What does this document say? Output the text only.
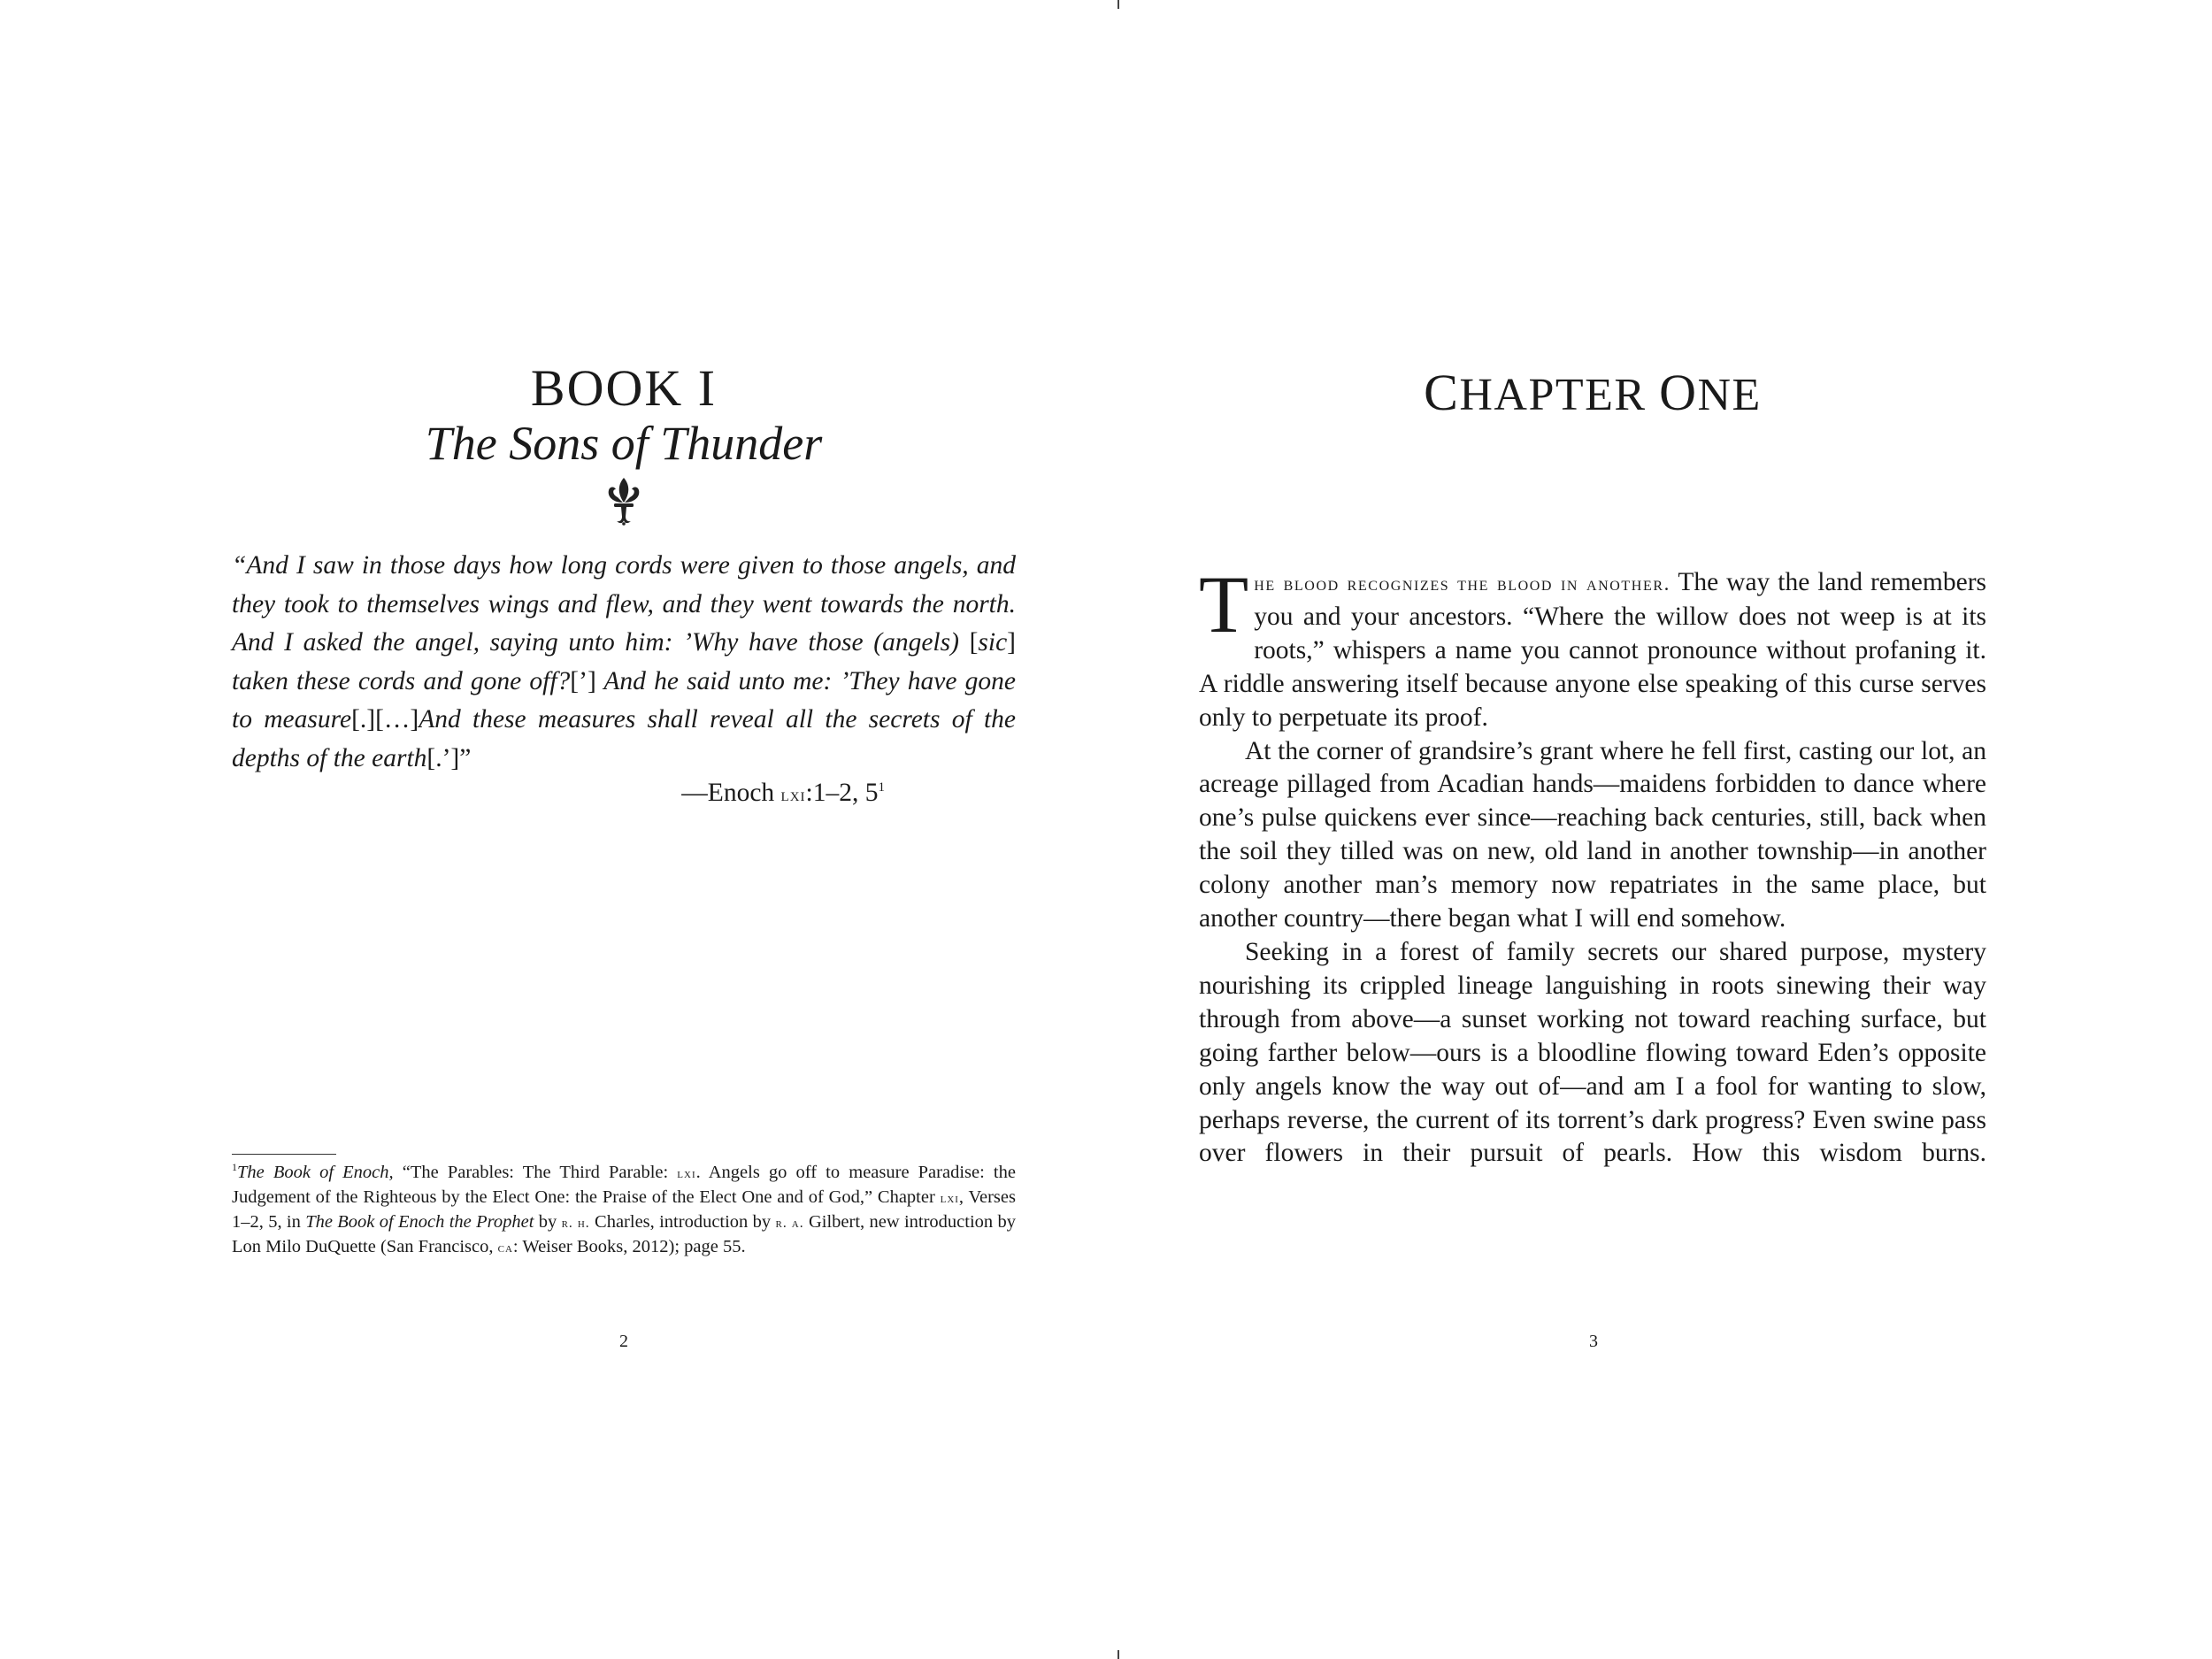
BOOK I
The Sons of Thunder
“And I saw in those days how long cords were given to those angels, and they took to themselves wings and flew, and they went towards the north. And I asked the angel, saying unto him: ’Why have those (angels) [sic] taken these cords and gone off?[’] And he said unto me: ’They have gone to measure[.][…]And these measures shall reveal all the secrets of the depths of the earth[.’]”
—Enoch lxi:1–2, $5^1$
$^1$The Book of Enoch, “The Parables: The Third Parable: lxi. Angels go off to measure Paradise: the Judgement of the Righteous by the Elect One: the Praise of the Elect One and of God,” Chapter lxi, Verses 1–2, 5, in The Book of Enoch the Prophet by r. h. Charles, introduction by r. a. Gilbert, new introduction by Lon Milo DuQuette (San Francisco, ca: Weiser Books, 2012); page 55.
2
CHAPTER ONE

The blood recognizes the blood in another. The way the land remembers you and your ancestors. “Where the willow does not weep is at its roots,” whispers a name you cannot pronounce without profaning it. A riddle answering itself because anyone else speaking of this curse serves only to perpetuate its proof.

At the corner of grandsire’s grant where he fell first, casting our lot, an acreage pillaged from Acadian hands—maidens forbidden to dance where one’s pulse quickens ever since—reaching back centuries, still, back when the soil they tilled was on new, old land in another township—in another colony another man’s memory now repatriates in the same place, but another country—there began what I will end somehow.

Seeking in a forest of family secrets our shared purpose, mystery nourishing its crippled lineage languishing in roots sinewing their way through from above—a sunset working not toward reaching surface, but going farther below—ours is a bloodline flowing toward Eden’s opposite only angels know the way out of—and am I a fool for wanting to slow, perhaps reverse, the current of its torrent’s dark progress? Even swine pass over flowers in their pursuit of pearls. How this wisdom burns.

3
